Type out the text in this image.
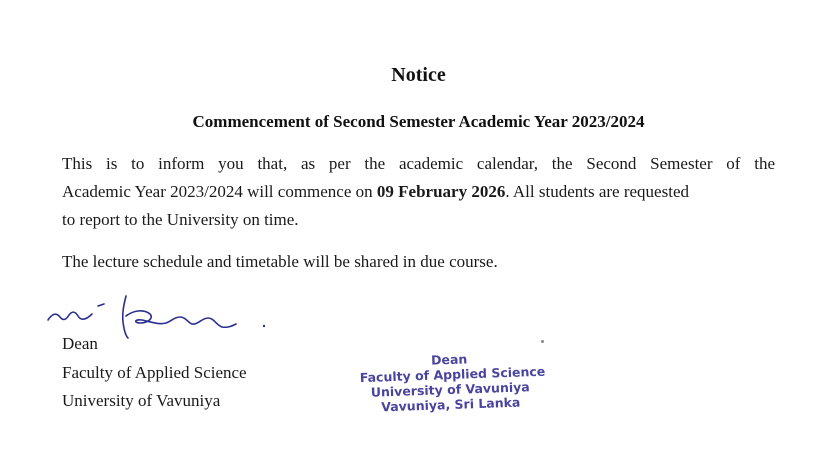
Notice
Commencement of Second Semester Academic Year 2023/2024
This is to inform you that, as per the academic calendar, the Second Semester of the
Academic Year 2023/2024 will commence on 09 February 2026. All students are requested
to report to the University on time.
The lecture schedule and timetable will be shared in due course.
Dean
Faculty of Applied Science
University of Vavuniya
Dean
Faculty of Applied Science
University of Vavuniya
Vavuniya, Sri Lanka
